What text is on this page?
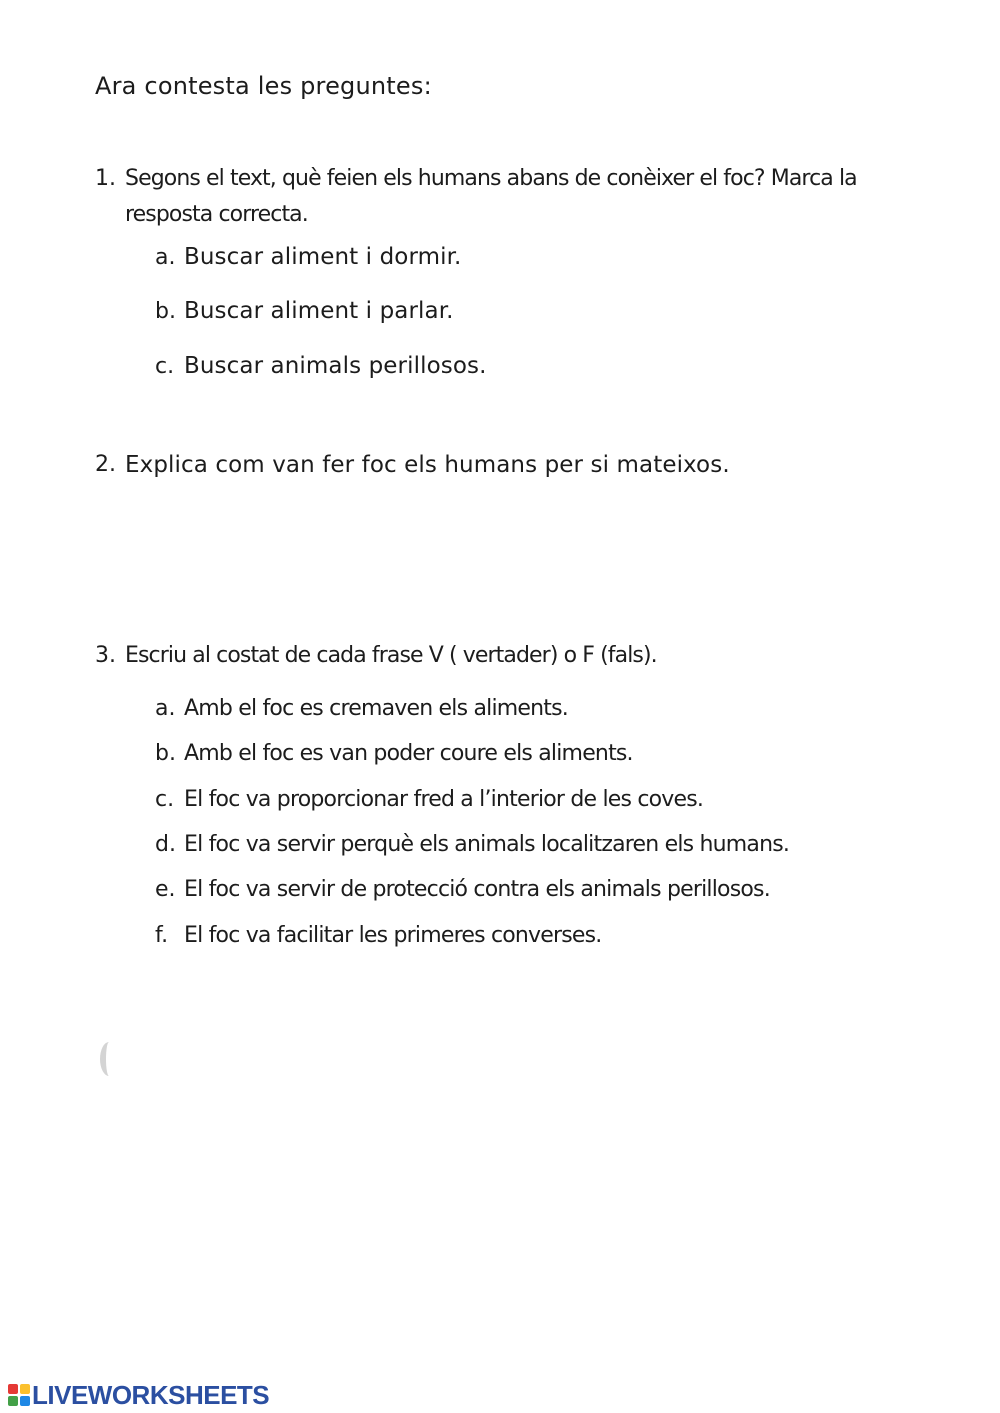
Ara contesta les preguntes:
1. Segons el text, què feien els humans abans de conèixer el foc? Marca la
resposta correcta.
a. Buscar aliment i dormir.
b. Buscar aliment i parlar.
c. Buscar animals perillosos.
2. Explica com van fer foc els humans per si mateixos.
3. Escriu al costat de cada frase V ( vertader) o F (fals).
a. Amb el foc es cremaven els aliments.
b. Amb el foc es van poder coure els aliments.
c. El foc va proporcionar fred a l’interior de les coves.
d. El foc va servir perquè els animals localitzaren els humans.
e. El foc va servir de protecció contra els animals perillosos.
f. El foc va facilitar les primeres converses.
LIVEWORKSHEETS
